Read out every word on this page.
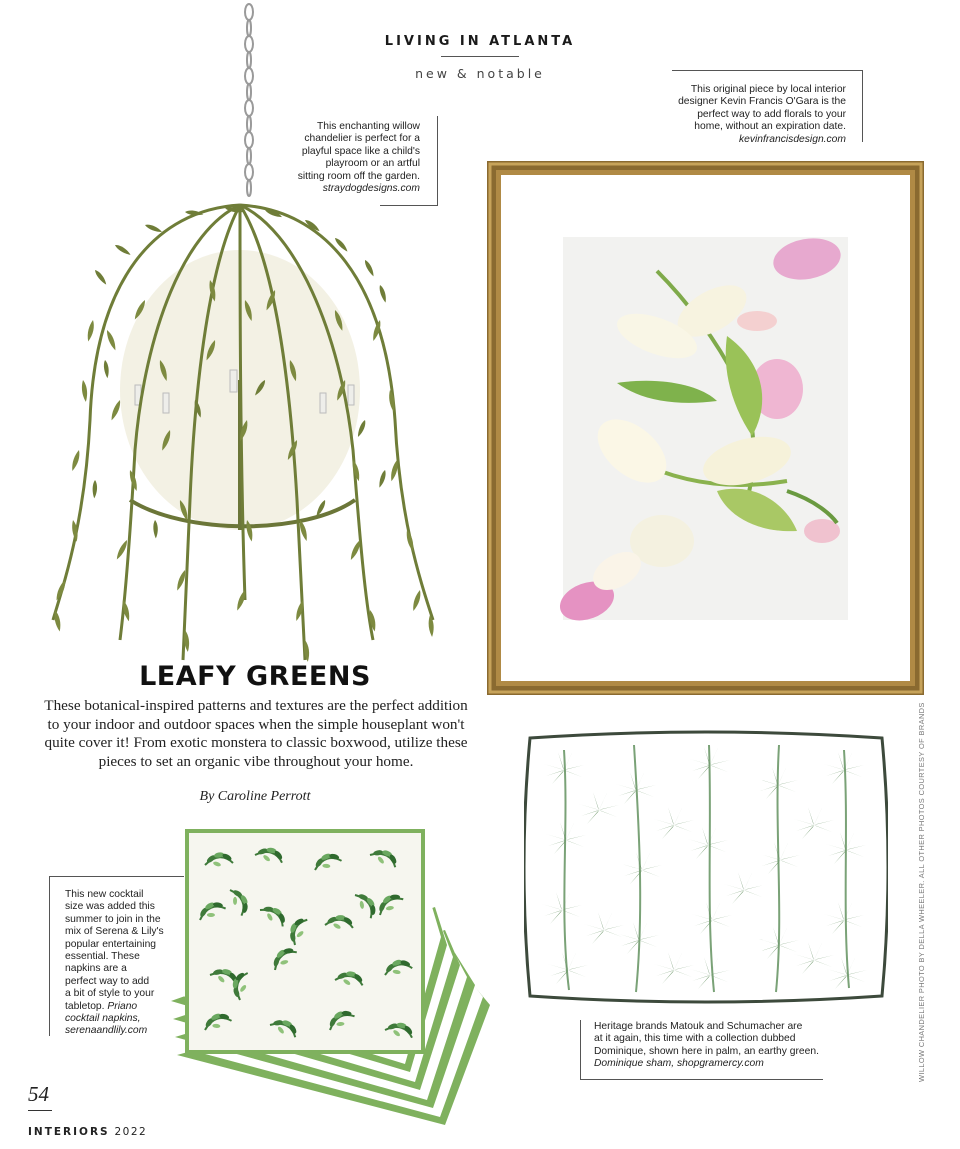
LIVING IN ATLANTA
new & notable
This enchanting willow
chandelier is perfect for a
playful space like a child's
playroom or an artful
sitting room off the garden.
straydogdesigns.com
This original piece by local interior
designer Kevin Francis O'Gara is the
perfect way to add florals to your
home, without an expiration date.
kevinfrancisdesign.com
LEAFY GREENS
These botanical-inspired patterns and textures are the perfect addition to your indoor and outdoor spaces when the simple houseplant won't quite cover it! From exotic monstera to classic boxwood, utilize these pieces to set an organic vibe throughout your home.
By Caroline Perrott
Heritage brands Matouk and Schumacher are
at it again, this time with a collection dubbed
Dominique, shown here in palm, an earthy green.
Dominique sham, shopgramercy.com
This new cocktail
size was added this
summer to join in the
mix of Serena & Lily's
popular entertaining
essential. These
napkins are a
perfect way to add
a bit of style to your
tabletop. Priano
cocktail napkins,
serenaandlily.com	WILLOW CHANDELIER PHOTO BY DELLA WHEELER. ALL OTHER PHOTOS COURTESY OF BRANDS
54
INTERIORS 2022
